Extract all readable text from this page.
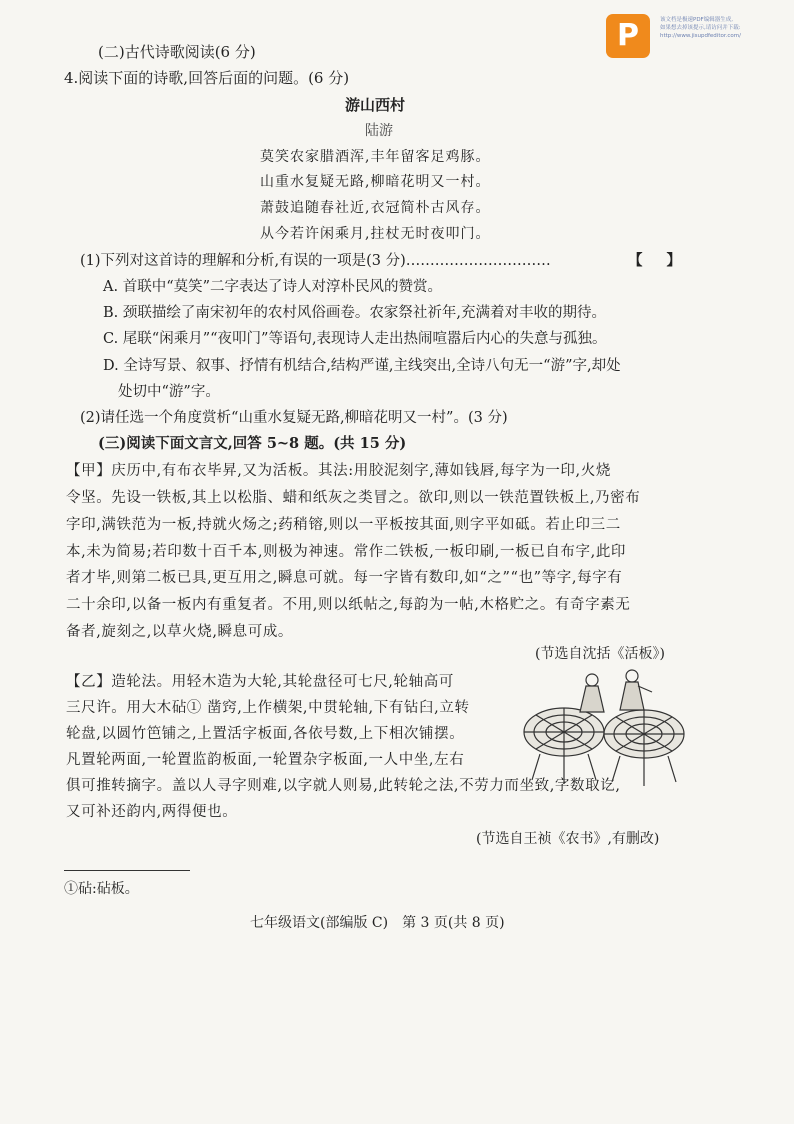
P	该文档是极速PDF编辑器生成,
如果想去掉该提示,请访问并下载:
http://www.jisupdfeditor.com/
(二)古代诗歌阅读(6 分)
4.阅读下面的诗歌,回答后面的问题。(6 分)
游山西村
陆游
莫笑农家腊酒浑,丰年留客足鸡豚。
山重水复疑无路,柳暗花明又一村。
萧鼓追随春社近,衣冠简朴古风存。
从今若许闲乘月,拄杖无时夜叩门。
(1)下列对这首诗的理解和分析,有误的一项是(3 分)…………………………	【 】
A. 首联中“莫笑”二字表达了诗人对淳朴民风的赞赏。
B. 颈联描绘了南宋初年的农村风俗画卷。农家祭社祈年,充满着对丰收的期待。
C. 尾联“闲乘月”“夜叩门”等语句,表现诗人走出热闹喧嚣后内心的失意与孤独。
D. 全诗写景、叙事、抒情有机结合,结构严谨,主线突出,全诗八句无一“游”字,却处
处切中“游”字。
(2)请任选一个角度赏析“山重水复疑无路,柳暗花明又一村”。(3 分)
(三)阅读下面文言文,回答 5~8 题。(共 15 分)
【甲】庆历中,有布衣毕昇,又为活板。其法:用胶泥刻字,薄如钱唇,每字为一印,火烧
令坚。先设一铁板,其上以松脂、蜡和纸灰之类冒之。欲印,则以一铁范置铁板上,乃密布
字印,满铁范为一板,持就火炀之;药稍镕,则以一平板按其面,则字平如砥。若止印三二
本,未为简易;若印数十百千本,则极为神速。常作二铁板,一板印刷,一板已自布字,此印
者才毕,则第二板已具,更互用之,瞬息可就。每一字皆有数印,如“之”“也”等字,每字有
二十余印,以备一板内有重复者。不用,则以纸帖之,每韵为一帖,木格贮之。有奇字素无
备者,旋刻之,以草火烧,瞬息可成。
(节选自沈括《活板》)
【乙】造轮法。用轻木造为大轮,其轮盘径可七尺,轮轴高可
三尺许。用大木砧① 凿窍,上作横架,中贯轮轴,下有钻臼,立转
轮盘,以圆竹笆铺之,上置活字板面,各依号数,上下相次铺摆。
凡置轮两面,一轮置监韵板面,一轮置杂字板面,一人中坐,左右
俱可推转摘字。盖以人寻字则难,以字就人则易,此转轮之法,不劳力而坐致,字数取讫,
又可补还韵内,两得便也。
(节选自王祯《农书》,有删改)
①砧:砧板。
七年级语文(部编版 C)　第 3 页(共 8 页)
